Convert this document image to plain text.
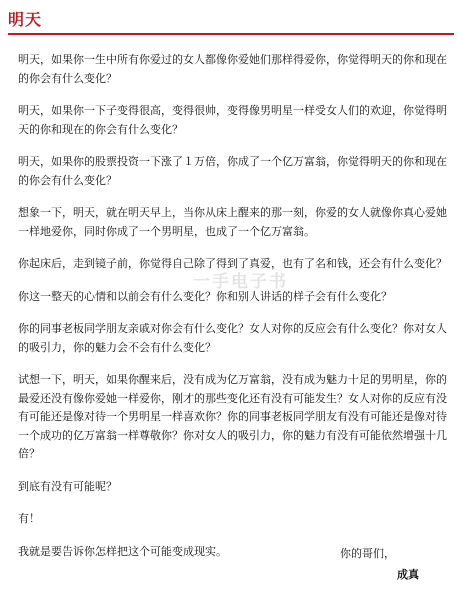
明天

明天，如果你一生中所有你爱过的女人都像你爱她们那样得爱你，你觉得明天的你和现在的你会有什么变化？

明天，如果你一下子变得很高，变得很帅，变得像男明星一样受女人们的欢迎，你觉得明天的你和现在的你会有什么变化？

明天，如果你的股票投资一下涨了１万倍，你成了一个亿万富翁，你觉得明天的你和现在的你会有什么变化？

想象一下，明天，就在明天早上，当你从床上醒来的那一刻，你爱的女人就像你真心爱她一样地爱你，同时你成了一个男明星，也成了一个亿万富翁。

你起床后，走到镜子前，你觉得自己除了得到了真爱，也有了名和钱，还会有什么变化？

你这一整天的心情和以前会有什么变化？你和别人讲话的样子会有什么变化？

你的同事老板同学朋友亲戚对你会有什么变化？女人对你的反应会有什么变化？你对女人的吸引力，你的魅力会不会有什么变化？

试想一下，明天，如果你醒来后，没有成为亿万富翁，没有成为魅力十足的男明星，你的最爱还没有像你爱她一样爱你，刚才的那些变化还有没有可能发生？女人对你的反应有没有可能还是像对待一个男明星一样喜欢你？你的同事老板同学朋友有没有可能还是像对待一个成功的亿万富翁一样尊敬你？你对女人的吸引力，你的魅力有没有可能依然增强十几倍？

到底有没有可能呢？

有！

我就是要告诉你怎样把这个可能变成现实。

一手电子书
你的哥们，
成真
